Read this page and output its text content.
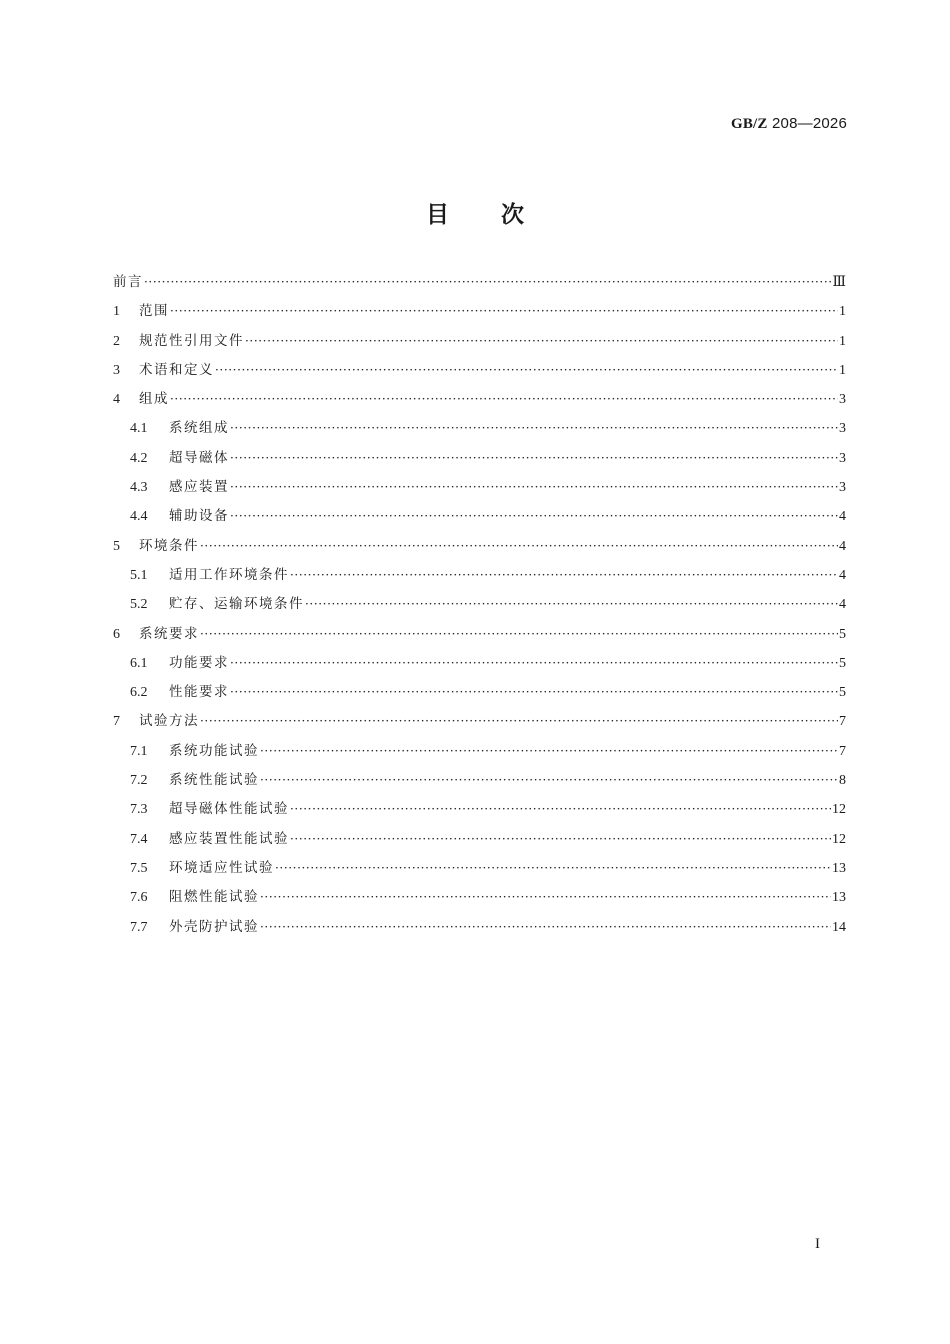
GB/Z 208—2026
目次
前言 ·····	Ⅲ
1	范围 ·····	1
2	规范性引用文件 ·····	1
3	术语和定义 ·····	1
4	组成 ·····	3
4.1	系统组成 ·····	3
4.2	超导磁体 ·····	3
4.3	感应装置 ·····	3
4.4	辅助设备 ·····	4
5	环境条件 ·····	4
5.1	适用工作环境条件 ·····	4
5.2	贮存、运输环境条件 ·····	4
6	系统要求 ·····	5
6.1	功能要求 ·····	5
6.2	性能要求 ·····	5
7	试验方法 ·····	7
7.1	系统功能试验 ·····	7
7.2	系统性能试验 ·····	8
7.3	超导磁体性能试验 ·····	12
7.4	感应装置性能试验 ·····	12
7.5	环境适应性试验 ·····	13
7.6	阻燃性能试验 ·····	13
7.7	外壳防护试验 ·····	14
I
